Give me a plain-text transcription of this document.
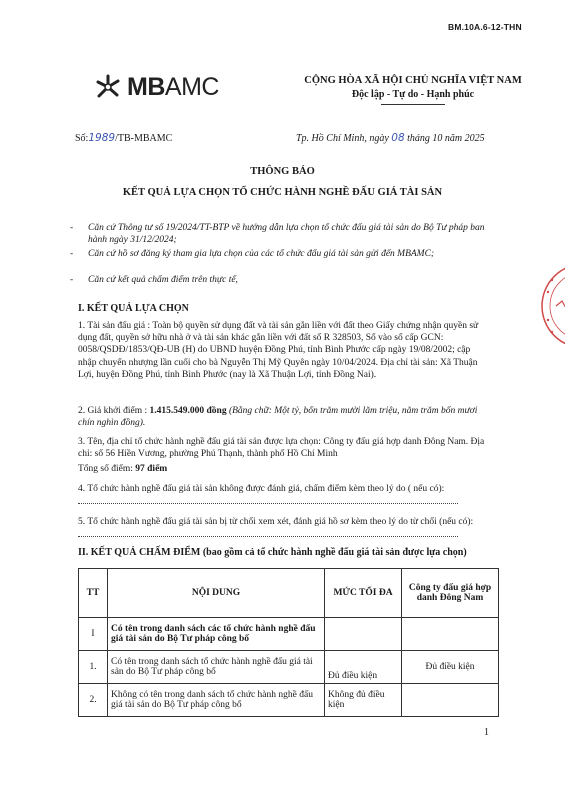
BM.10A.6-12-THN
MBAMC	CỘNG HÒA XÃ HỘI CHỦ NGHĨA VIỆT NAM
Độc lập - Tự do - Hạnh phúc
Số:1989/TB-MBAMC	Tp. Hồ Chí Minh, ngày 08 tháng 10 năm 2025
THÔNG BÁO
KẾT QUẢ LỰA CHỌN TỔ CHỨC HÀNH NGHỀ ĐẤU GIÁ TÀI SẢN
- Căn cứ Thông tư số 19/2024/TT-BTP về hướng dẫn lựa chọn tổ chức đấu giá tài sản do Bộ Tư pháp ban hành ngày 31/12/2024;
- Căn cứ hồ sơ đăng ký tham gia lựa chọn của các tổ chức đấu giá tài sản gửi đến MBAMC;
- Căn cứ kết quả chấm điểm trên thực tế,
I. KẾT QUẢ LỰA CHỌN
1. Tài sản đấu giá : Toàn bộ quyền sử dụng đất và tài sản gắn liền với đất theo Giấy chứng nhận quyền sử dụng đất, quyền sở hữu nhà ở và tài sản khác gắn liền với đất số R 328503, Số vào sổ cấp GCN: 0058/QSDĐ/1853/QĐ-UB (H) do UBND huyện Đồng Phú, tỉnh Bình Phước cấp ngày 19/08/2002; cập nhập chuyển nhượng lần cuối cho bà Nguyễn Thị Mỹ Quyên ngày 10/04/2024. Địa chỉ tài sản: Xã Thuận Lợi, huyện Đồng Phú, tỉnh Bình Phước (nay là Xã Thuận Lợi, tỉnh Đồng Nai).
2. Giá khởi điểm : 1.415.549.000 đồng (Bằng chữ: Một tỷ, bốn trăm mười lăm triệu, năm trăm bốn mươi chín nghìn đồng).
3. Tên, địa chỉ tổ chức hành nghề đấu giá tài sản được lựa chọn: Công ty đấu giá hợp danh Đông Nam. Địa chỉ: số 56 Hiền Vương, phường Phú Thạnh, thành phố Hồ Chí Minh
Tổng số điểm: 97 điểm
4. Tổ chức hành nghề đấu giá tài sản không được đánh giá, chấm điểm kèm theo lý do ( nếu có):
5. Tổ chức hành nghề đấu giá tài sản bị từ chối xem xét, đánh giá hồ sơ kèm theo lý do từ chối (nếu có):
II. KẾT QUẢ CHẤM ĐIỂM (bao gồm cả tổ chức hành nghề đấu giá tài sản được lựa chọn)
TT	NỘI DUNG	MỨC TỐI ĐA	Công ty đấu giá hợp danh Đông Nam
I	Có tên trong danh sách các tổ chức hành nghề đấu giá tài sản do Bộ Tư pháp công bố		
1.	Có tên trong danh sách tổ chức hành nghề đấu giá tài sản do Bộ Tư pháp công bố	Đủ điều kiện	Đủ điều kiện
2.	Không có tên trong danh sách tổ chức hành nghề đấu giá tài sản do Bộ Tư pháp công bố	Không đủ điều kiện	
1
